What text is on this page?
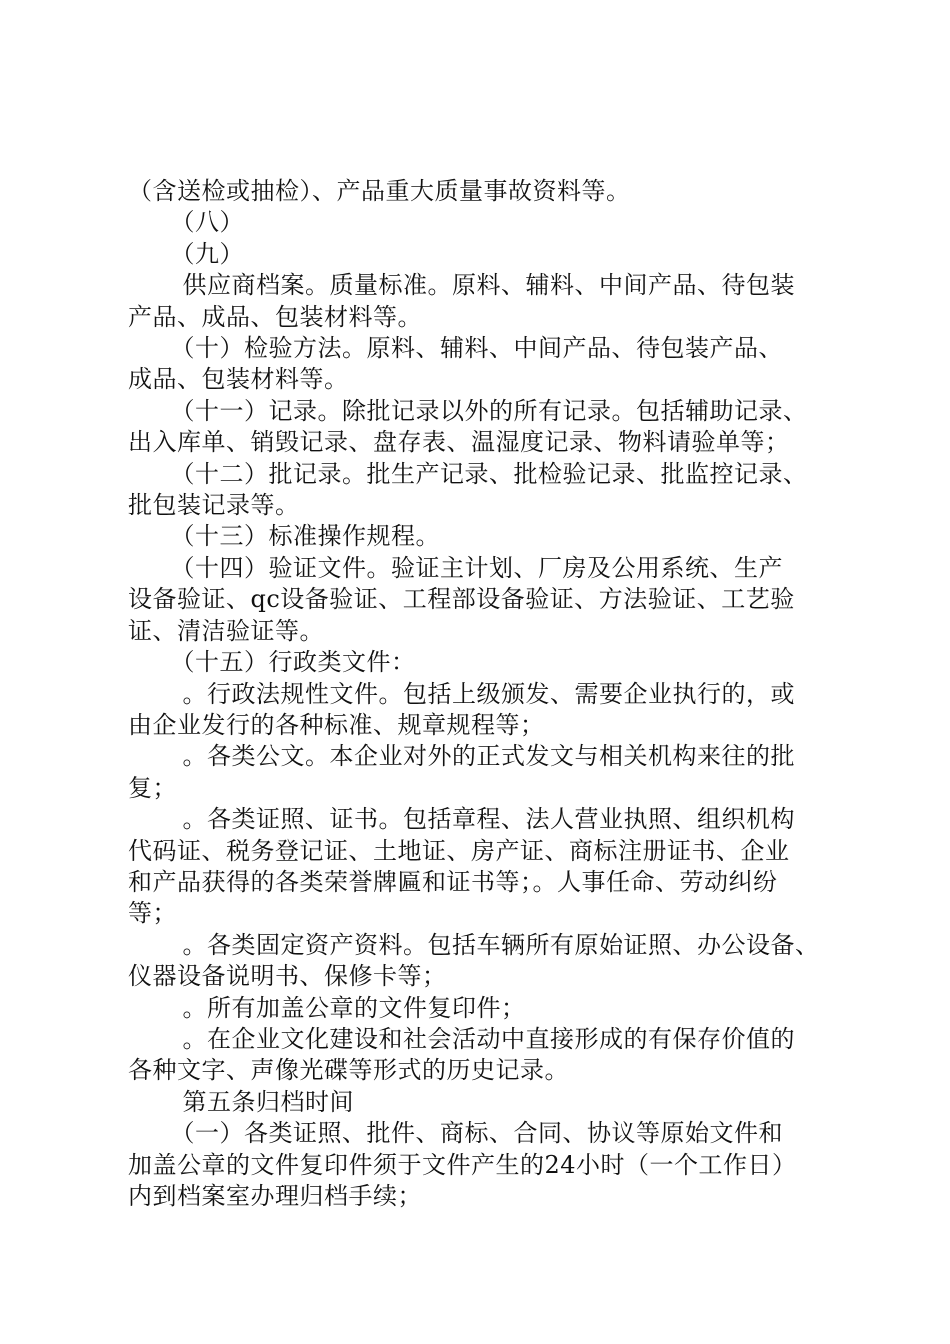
（含送检或抽检）、产品重大质量事故资料等。
　（八）
　（九）
　供应商档案。质量标准。原料、辅料、中间产品、待包装
产品、成品、包装材料等。
　（十）检验方法。原料、辅料、中间产品、待包装产品、
成品、包装材料等。
　（十一）记录。除批记录以外的所有记录。包括辅助记录、
出入库单、销毁记录、盘存表、温湿度记录、物料请验单等；
　（十二）批记录。批生产记录、批检验记录、批监控记录、
批包装记录等。
　（十三）标准操作规程。
　（十四）验证文件。验证主计划、厂房及公用系统、生产
设备验证、qc设备验证、工程部设备验证、方法验证、工艺验
证、清洁验证等。
　（十五）行政类文件：
　。行政法规性文件。包括上级颁发、需要企业执行的，或
由企业发行的各种标准、规章规程等；
　。各类公文。本企业对外的正式发文与相关机构来往的批
复；
　。各类证照、证书。包括章程、法人营业执照、组织机构
代码证、税务登记证、土地证、房产证、商标注册证书、企业
和产品获得的各类荣誉牌匾和证书等；。人事任命、劳动纠纷
等；
　。各类固定资产资料。包括车辆所有原始证照、办公设备、
仪器设备说明书、保修卡等；
　。所有加盖公章的文件复印件；
　。在企业文化建设和社会活动中直接形成的有保存价值的
各种文字、声像光碟等形式的历史记录。
　第五条归档时间
　（一）各类证照、批件、商标、合同、协议等原始文件和
加盖公章的文件复印件须于文件产生的24小时（一个工作日）
内到档案室办理归档手续；
